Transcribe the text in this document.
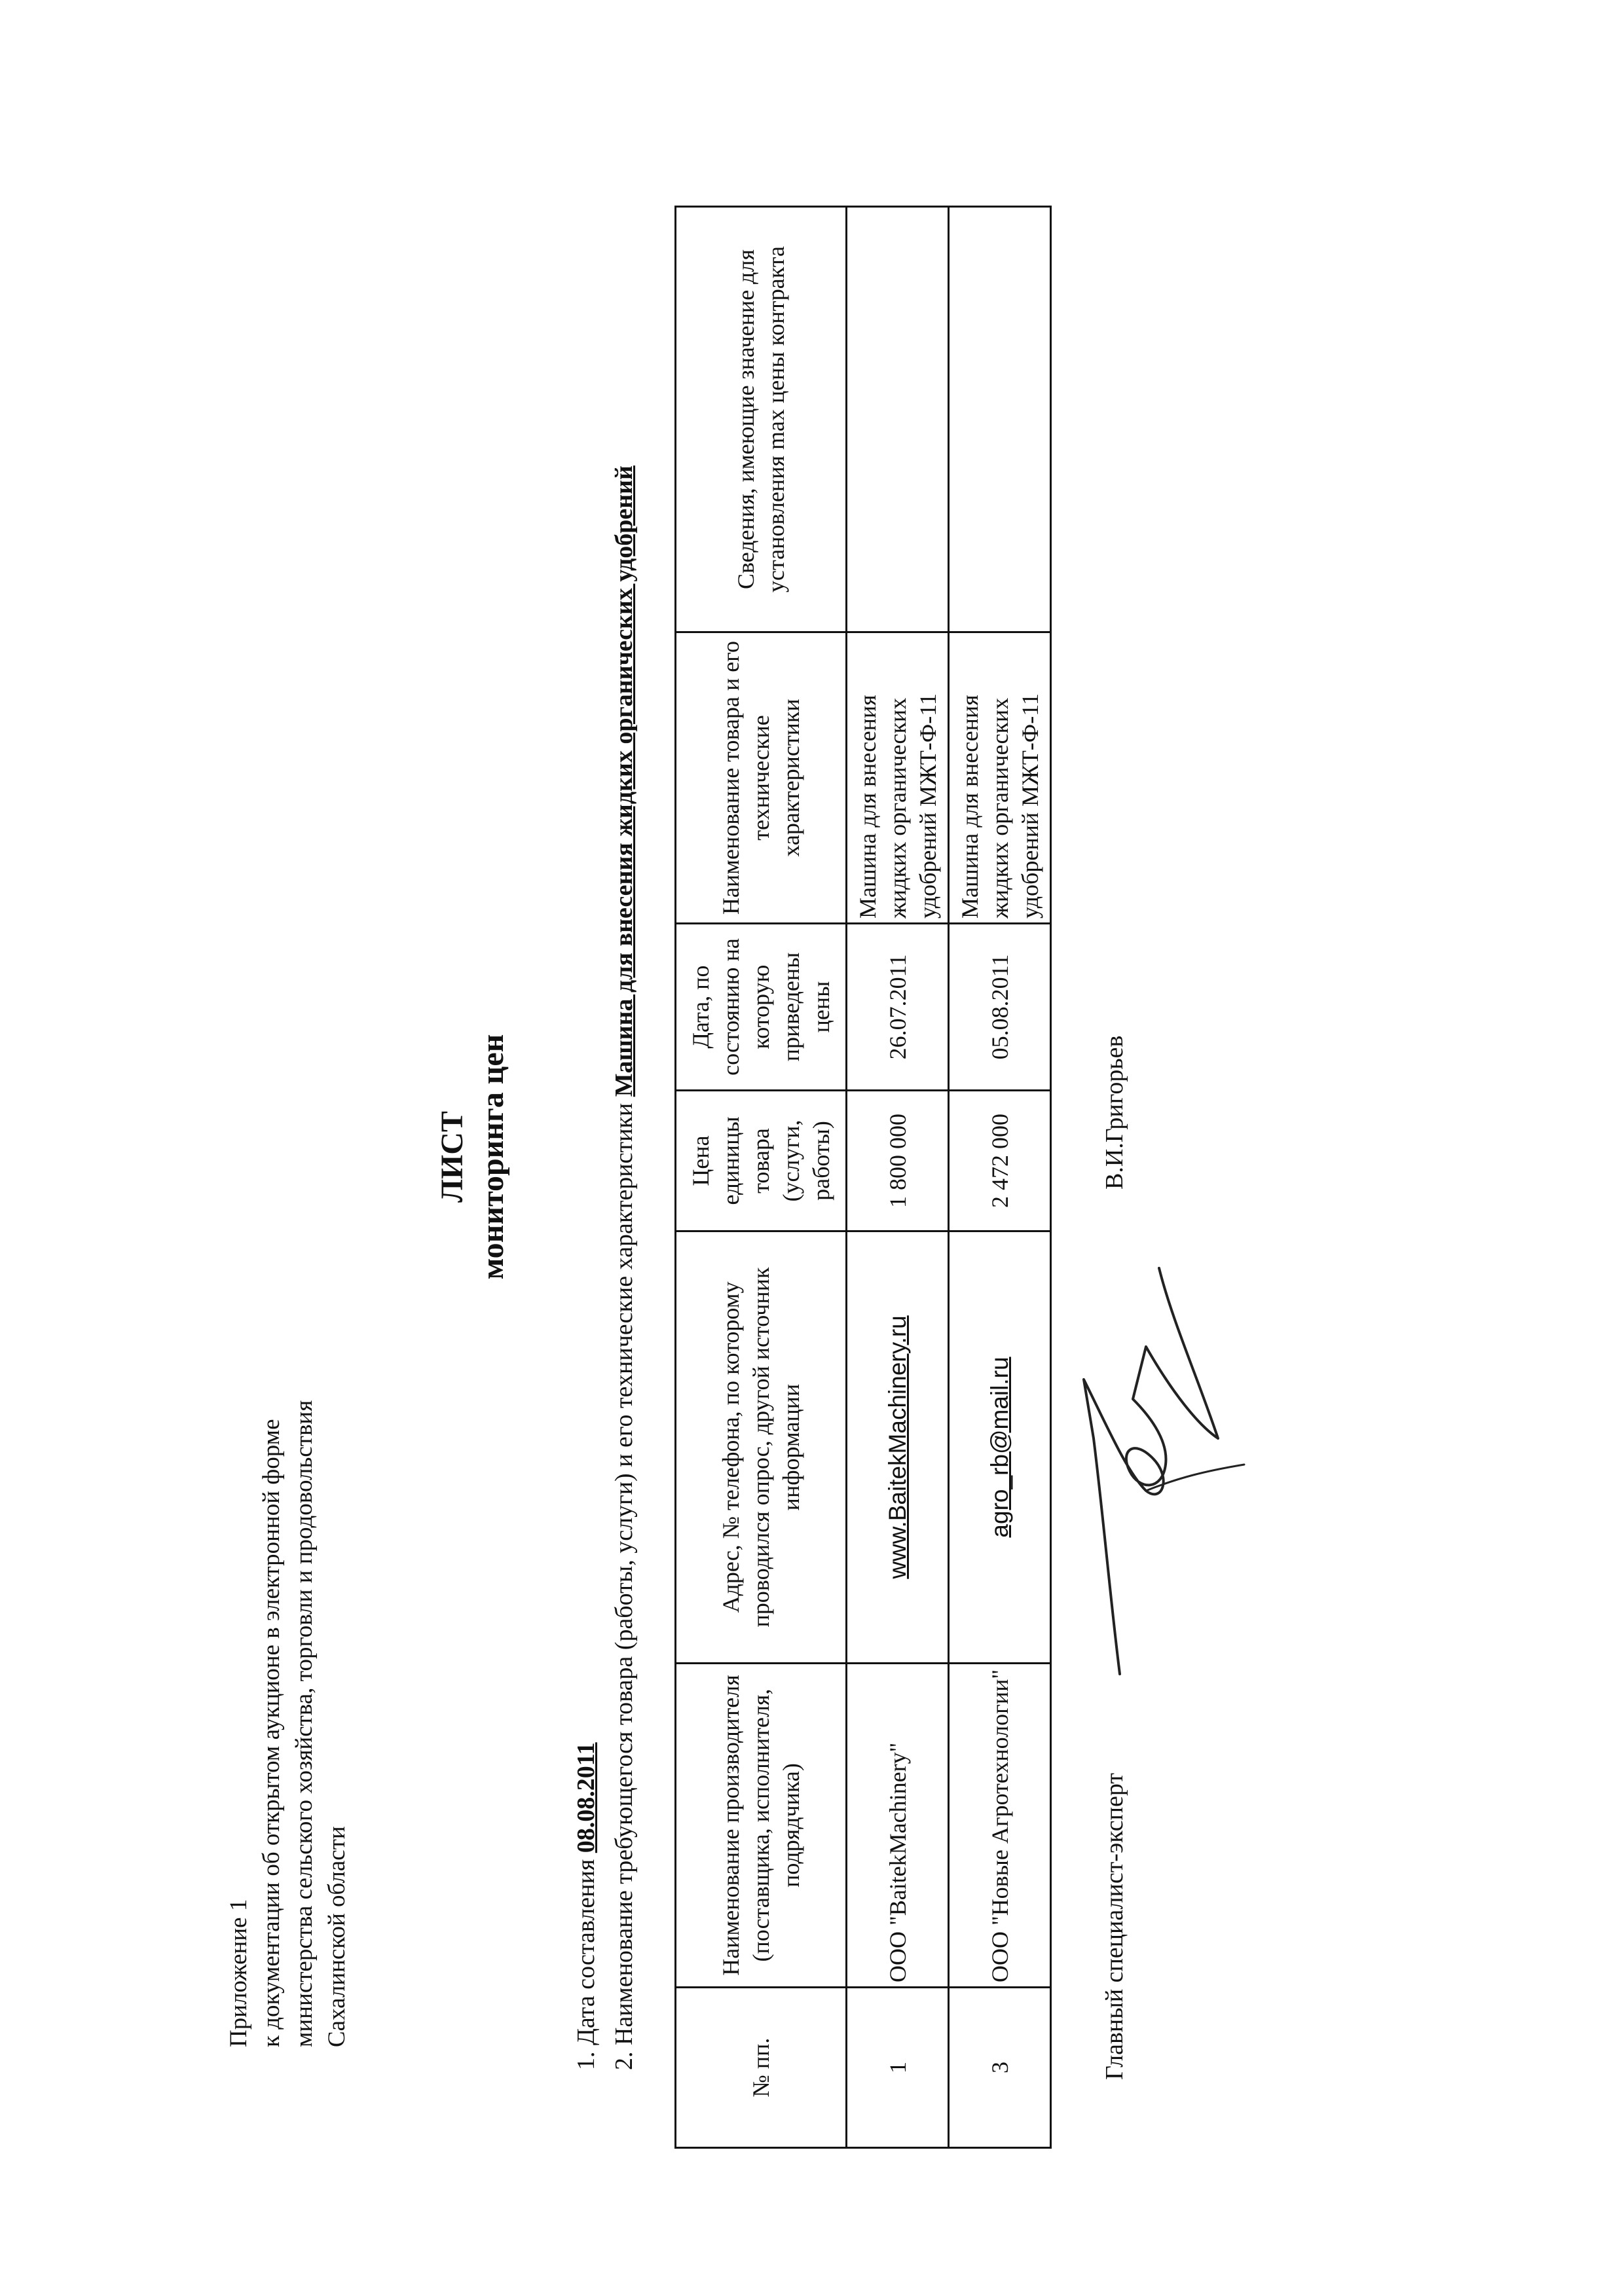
Приложение 1 к документации об открытом аукционе в электронной форме министерства сельского хозяйства, торговли и продовольствия Сахалинской области
ЛИСТ мониторинга цен
1. Дата составления 08.08.2011 2. Наименование требующегося товара (работы, услуги) и его технические характеристики Машина для внесения жидких органических удобрений
№ пп.	Наименование производителя (поставщика, исполнителя, подрядчика)	Адрес, № телефона, по которому проводился опрос, другой источник информации	Цена единицы товара (услуги, работы)	Дата, по состоянию на которую приведены цены	Наименование товара и его технические характеристики	Сведения, имеющие значение для установления max цены контракта
1	ООО "BaitekMachinery"	www.BaitekMachinery.ru	1 800 000	26.07.2011	Машина для внесения жидких органических удобрений МЖТ-Ф-11	
3	ООО "Новые Агротехнологии"	agro_rb@mail.ru	2 472 000	05.08.2011	Машина для внесения жидких органических удобрений МЖТ-Ф-11	
Главный специалист-эксперт
В.И.Григорьев
